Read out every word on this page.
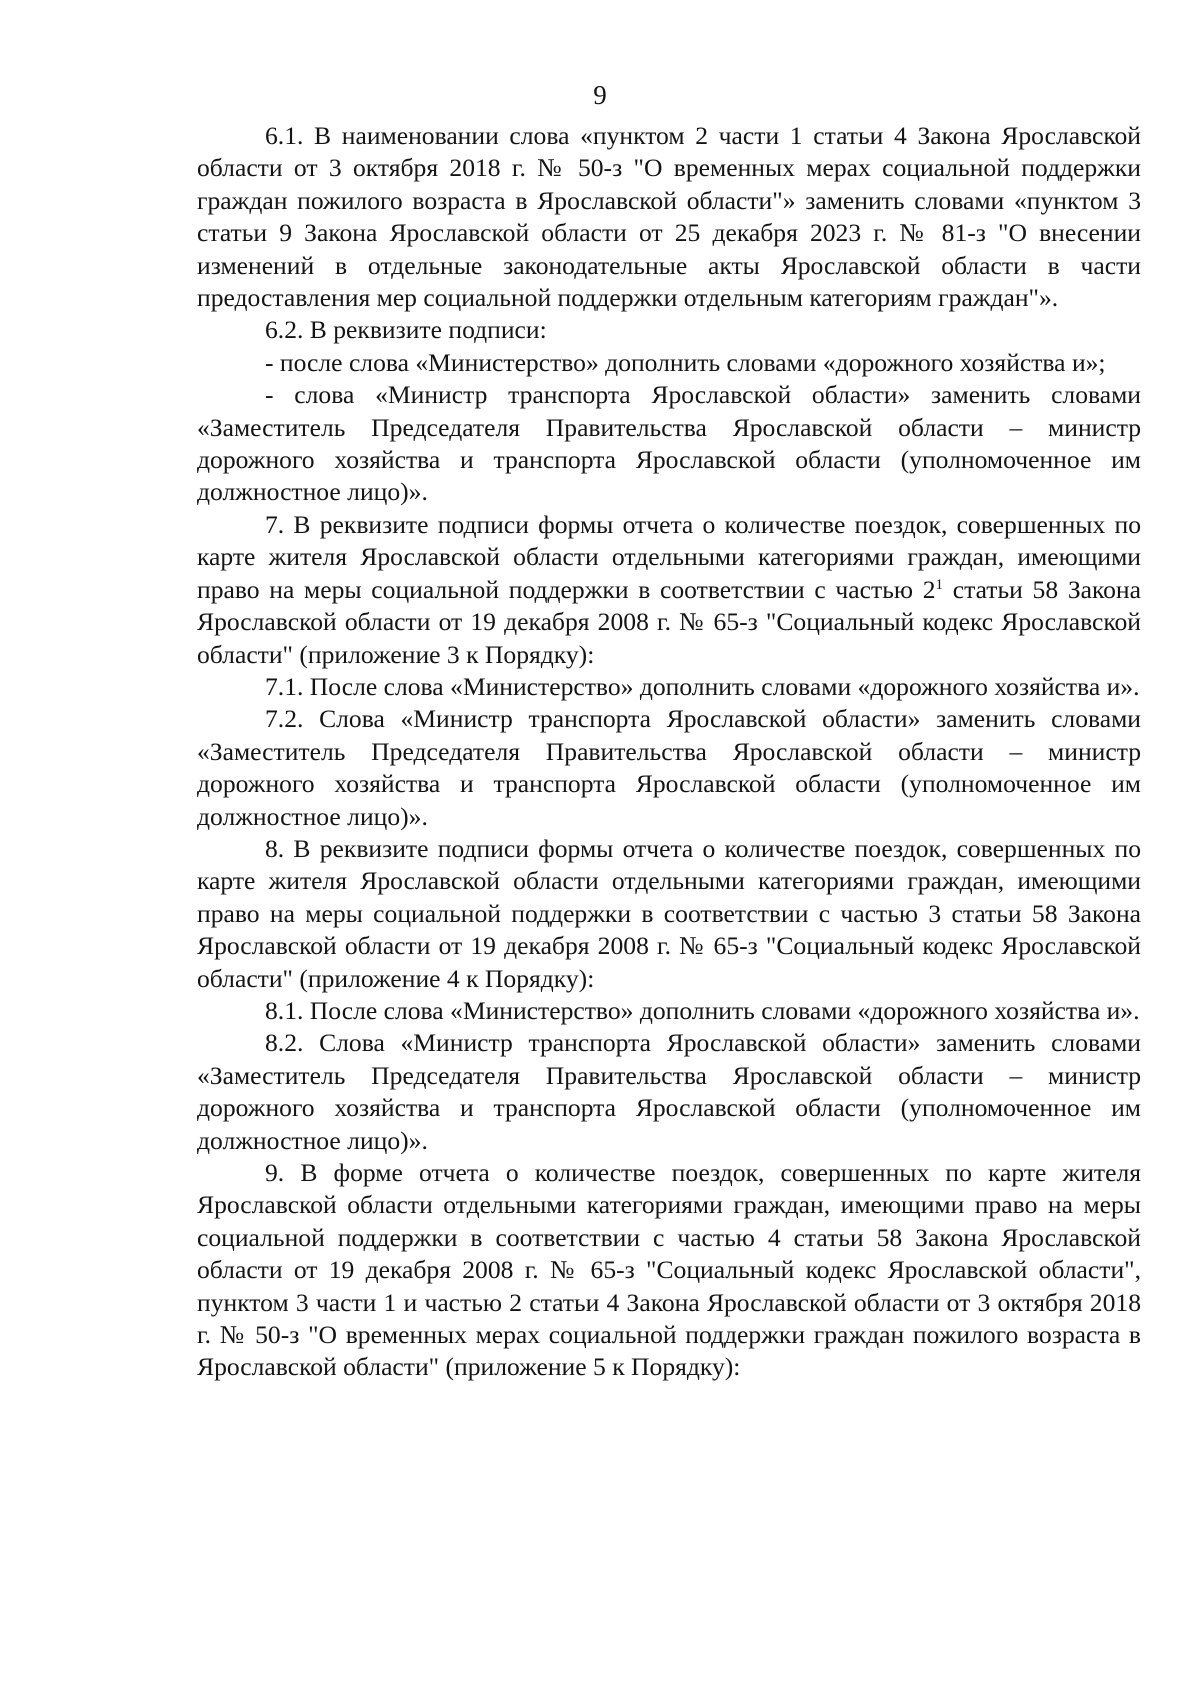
9

6.1. В наименовании слова «пунктом 2 части 1 статьи 4 Закона Ярославской области от 3 октября 2018 г. № 50-з "О временных мерах социальной поддержки граждан пожилого возраста в Ярославской области"» заменить словами «пунктом 3 статьи 9 Закона Ярославской области от 25 декабря 2023 г. № 81-з "О внесении изменений в отдельные законодательные акты Ярославской области в части предоставления мер социальной поддержки отдельным категориям граждан"».

6.2. В реквизите подписи:

- после слова «Министерство» дополнить словами «дорожного хозяйства и»;

- слова «Министр транспорта Ярославской области» заменить словами «Заместитель Председателя Правительства Ярославской области – министр дорожного хозяйства и транспорта Ярославской области (уполномоченное им должностное лицо)».

7. В реквизите подписи формы отчета о количестве поездок, совершенных по карте жителя Ярославской области отдельными категориями граждан, имеющими право на меры социальной поддержки в соответствии с частью $2^1$ статьи 58 Закона Ярославской области от 19 декабря 2008 г. № 65-з "Социальный кодекс Ярославской области" (приложение 3 к Порядку):

7.1. После слова «Министерство» дополнить словами «дорожного хозяйства и».

7.2. Слова «Министр транспорта Ярославской области» заменить словами «Заместитель Председателя Правительства Ярославской области – министр дорожного хозяйства и транспорта Ярославской области (уполномоченное им должностное лицо)».

8. В реквизите подписи формы отчета о количестве поездок, совершенных по карте жителя Ярославской области отдельными категориями граждан, имеющими право на меры социальной поддержки в соответствии с частью 3 статьи 58 Закона Ярославской области от 19 декабря 2008 г. № 65-з "Социальный кодекс Ярославской области" (приложение 4 к Порядку):

8.1. После слова «Министерство» дополнить словами «дорожного хозяйства и».

8.2. Слова «Министр транспорта Ярославской области» заменить словами «Заместитель Председателя Правительства Ярославской области – министр дорожного хозяйства и транспорта Ярославской области (уполномоченное им должностное лицо)».

9. В форме отчета о количестве поездок, совершенных по карте жителя Ярославской области отдельными категориями граждан, имеющими право на меры социальной поддержки в соответствии с частью 4 статьи 58 Закона Ярославской области от 19 декабря 2008 г. № 65-з "Социальный кодекс Ярославской области", пунктом 3 части 1 и частью 2 статьи 4 Закона Ярославской области от 3 октября 2018 г. № 50-з "О временных мерах социальной поддержки граждан пожилого возраста в Ярославской области" (приложение 5 к Порядку):
